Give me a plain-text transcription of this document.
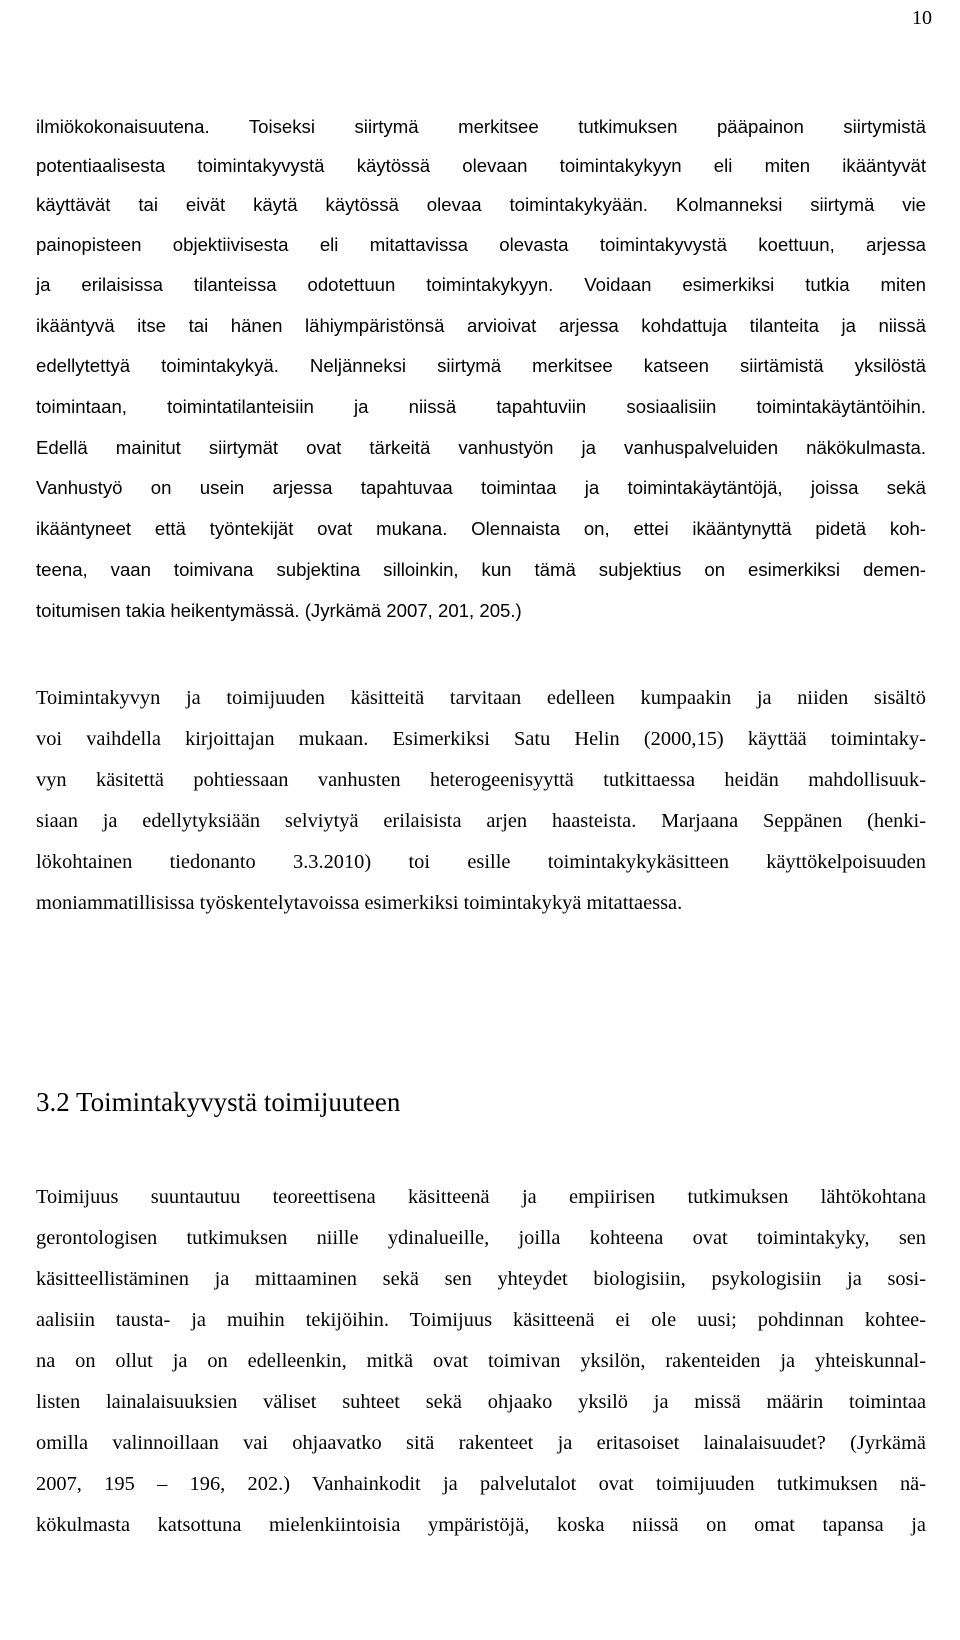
10
ilmiökokonaisuutena. Toiseksi siirtymä merkitsee tutkimuksen pääpainon siirtymistä
potentiaalisesta toimintakyvystä käytössä olevaan toimintakykyyn eli miten ikääntyvät
käyttävät tai eivät käytä käytössä olevaa toimintakykyään. Kolmanneksi siirtymä vie
painopisteen objektiivisesta eli mitattavissa olevasta toimintakyvystä koettuun, arjessa
ja erilaisissa tilanteissa odotettuun toimintakykyyn. Voidaan esimerkiksi tutkia miten
ikääntyvä itse tai hänen lähiympäristönsä arvioivat arjessa kohdattuja tilanteita ja niissä
edellytettyä toimintakykyä. Neljänneksi siirtymä merkitsee katseen siirtämistä yksilöstä
toimintaan, toimintatilanteisiin ja niissä tapahtuviin sosiaalisiin toimintakäytäntöihin.
Edellä mainitut siirtymät ovat tärkeitä vanhustyön ja vanhuspalveluiden näkökulmasta.
Vanhustyö on usein arjessa tapahtuvaa toimintaa ja toimintakäytäntöjä, joissa sekä
ikääntyneet että työntekijät ovat mukana. Olennaista on, ettei ikääntynyttä pidetä koh-
teena, vaan toimivana subjektina silloinkin, kun tämä subjektius on esimerkiksi demen-
toitumisen takia heikentymässä. (Jyrkämä 2007, 201, 205.)
Toimintakyvyn ja toimijuuden käsitteitä tarvitaan edelleen kumpaakin ja niiden sisältö
voi vaihdella kirjoittajan mukaan. Esimerkiksi Satu Helin (2000,15) käyttää toimintaky-
vyn käsitettä pohtiessaan vanhusten heterogeenisyyttä tutkittaessa heidän mahdollisuuk-
siaan ja edellytyksiään selviytyä erilaisista arjen haasteista. Marjaana Seppänen (henki-
lökohtainen tiedonanto 3.3.2010) toi esille toimintakykykäsitteen käyttökelpoisuuden
moniammatillisissa työskentelytavoissa esimerkiksi toimintakykyä mitattaessa.
3.2 Toimintakyvystä toimijuuteen
Toimijuus suuntautuu teoreettisena käsitteenä ja empiirisen tutkimuksen lähtökohtana
gerontologisen tutkimuksen niille ydinalueille, joilla kohteena ovat toimintakyky, sen
käsitteellistäminen ja mittaaminen sekä sen yhteydet biologisiin, psykologisiin ja sosi-
aalisiin tausta- ja muihin tekijöihin. Toimijuus käsitteenä ei ole uusi; pohdinnan kohtee-
na on ollut ja on edelleenkin, mitkä ovat toimivan yksilön, rakenteiden ja yhteiskunnal-
listen lainalaisuuksien väliset suhteet sekä ohjaako yksilö ja missä määrin toimintaa
omilla valinnoillaan vai ohjaavatko sitä rakenteet ja eritasoiset lainalaisuudet? (Jyrkämä
2007, 195 – 196, 202.) Vanhainkodit ja palvelutalot ovat toimijuuden tutkimuksen nä-
kökulmasta katsottuna mielenkiintoisia ympäristöjä, koska niissä on omat tapansa ja
